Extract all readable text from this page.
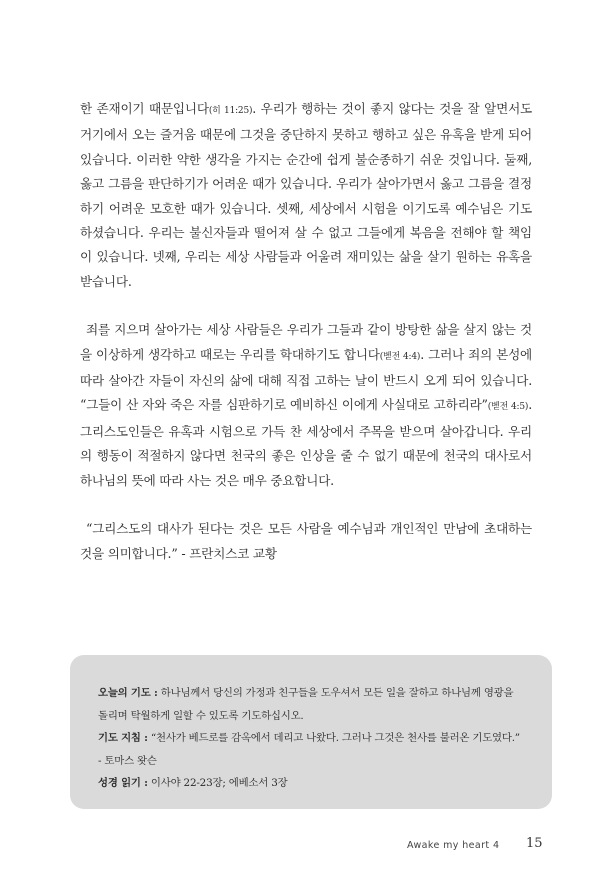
한 존재이기 때문입니다(히 11:25). 우리가 행하는 것이 좋지 않다는 것을 잘 알면서도 거기에서 오는 즐거움 때문에 그것을 중단하지 못하고 행하고 싶은 유혹을 받게 되어 있습니다. 이러한 약한 생각을 가지는 순간에 쉽게 불순종하기 쉬운 것입니다. 둘째, 옳고 그름을 판단하기가 어려운 때가 있습니다. 우리가 살아가면서 옳고 그름을 결정하기 어려운 모호한 때가 있습니다. 셋째, 세상에서 시험을 이기도록 예수님은 기도하셨습니다. 우리는 불신자들과 떨어져 살 수 없고 그들에게 복음을 전해야 할 책임이 있습니다. 넷째, 우리는 세상 사람들과 어울려 재미있는 삶을 살기 원하는 유혹을 받습니다.

죄를 지으며 살아가는 세상 사람들은 우리가 그들과 같이 방탕한 삶을 살지 않는 것을 이상하게 생각하고 때로는 우리를 학대하기도 합니다(벧전 4:4). 그러나 죄의 본성에 따라 살아간 자들이 자신의 삶에 대해 직접 고하는 날이 반드시 오게 되어 있습니다. “그들이 산 자와 죽은 자를 심판하기로 예비하신 이에게 사실대로 고하리라”(벧전 4:5). 그리스도인들은 유혹과 시험으로 가득 찬 세상에서 주목을 받으며 살아갑니다. 우리의 행동이 적절하지 않다면 천국의 좋은 인상을 줄 수 없기 때문에 천국의 대사로서 하나님의 뜻에 따라 사는 것은 매우 중요합니다.

“그리스도의 대사가 된다는 것은 모든 사람을 예수님과 개인적인 만남에 초대하는 것을 의미합니다.” - 프란치스코 교황

오늘의 기도 : 하나님께서 당신의 가정과 친구들을 도우셔서 모든 일을 잘하고 하나님께 영광을 돌리며 탁월하게 일할 수 있도록 기도하십시오.

기도 지침 : “천사가 베드로를 감옥에서 데리고 나왔다. 그러나 그것은 천사를 불러온 기도였다.” - 토마스 왓슨

성경 읽기 : 이사야 22-23장; 에베소서 3장

Awake my heart 4 15
